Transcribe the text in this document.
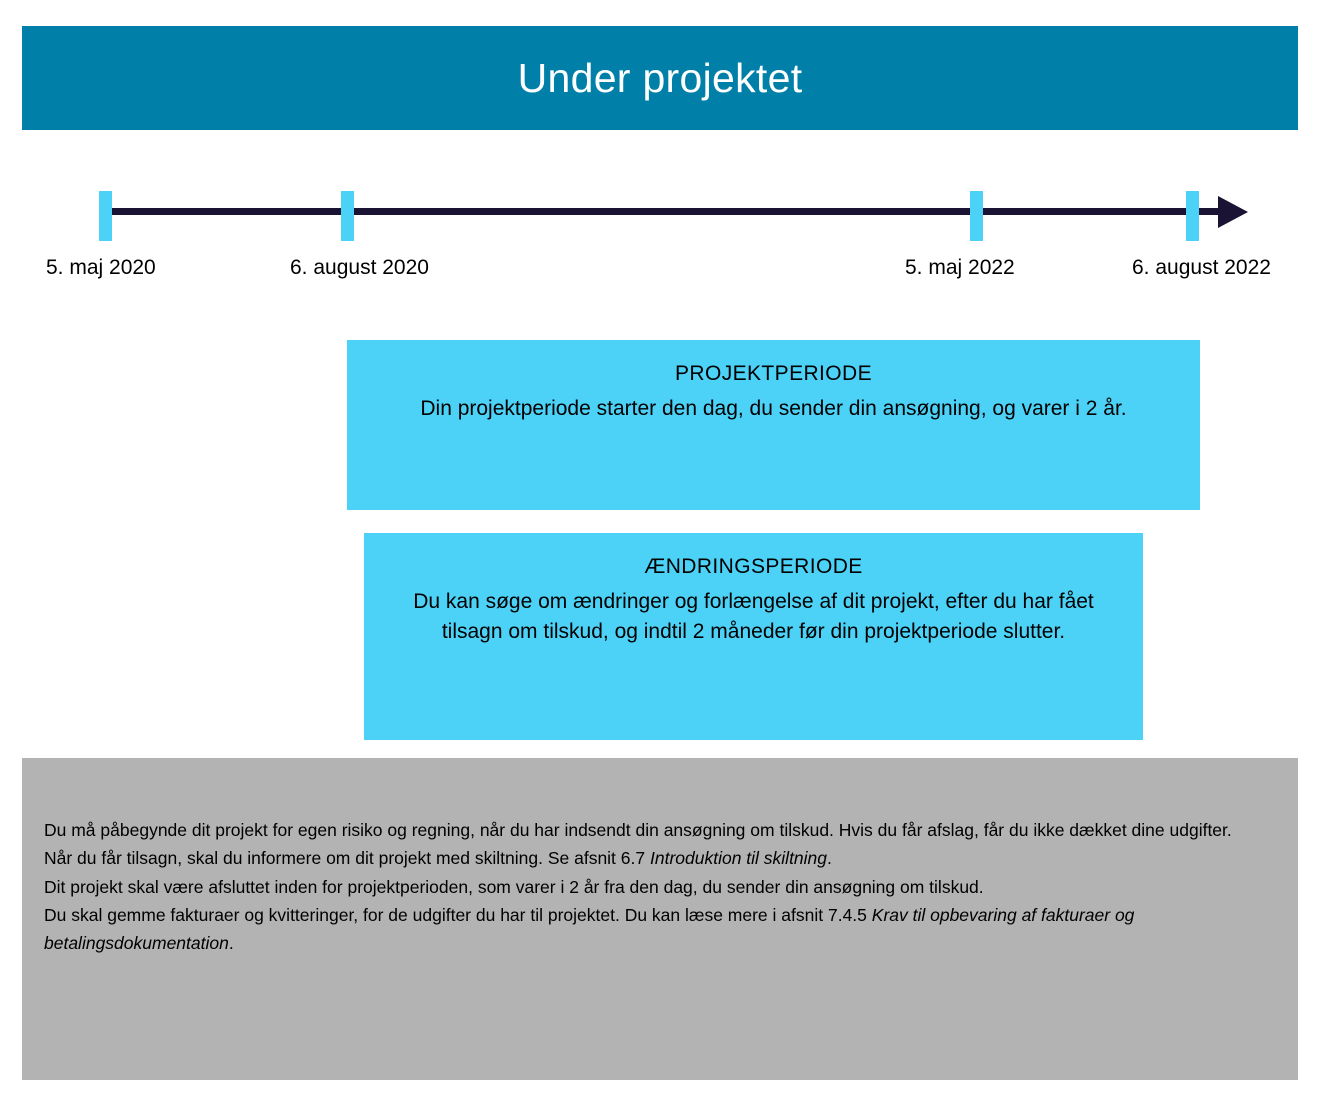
Under projektet
5. maj 2020	6. august 2020	5. maj 2022	6. august 2022
PROJEKTPERIODE
Din projektperiode starter den dag, du sender din ansøgning, og varer i 2 år.
ÆNDRINGSPERIODE
Du kan søge om ændringer og forlængelse af dit projekt, efter du har fået tilsagn om tilskud, og indtil 2 måneder før din projektperiode slutter.

Du må påbegynde dit projekt for egen risiko og regning, når du har indsendt din ansøgning om tilskud. Hvis du får afslag, får du ikke dækket dine udgifter.

Når du får tilsagn, skal du informere om dit projekt med skiltning. Se afsnit 6.7 Introduktion til skiltning.

Dit projekt skal være afsluttet inden for projektperioden, som varer i 2 år fra den dag, du sender din ansøgning om tilskud.

Du skal gemme fakturaer og kvitteringer, for de udgifter du har til projektet. Du kan læse mere i afsnit 7.4.5 Krav til opbevaring af fakturaer og betalingsdokumentation.
